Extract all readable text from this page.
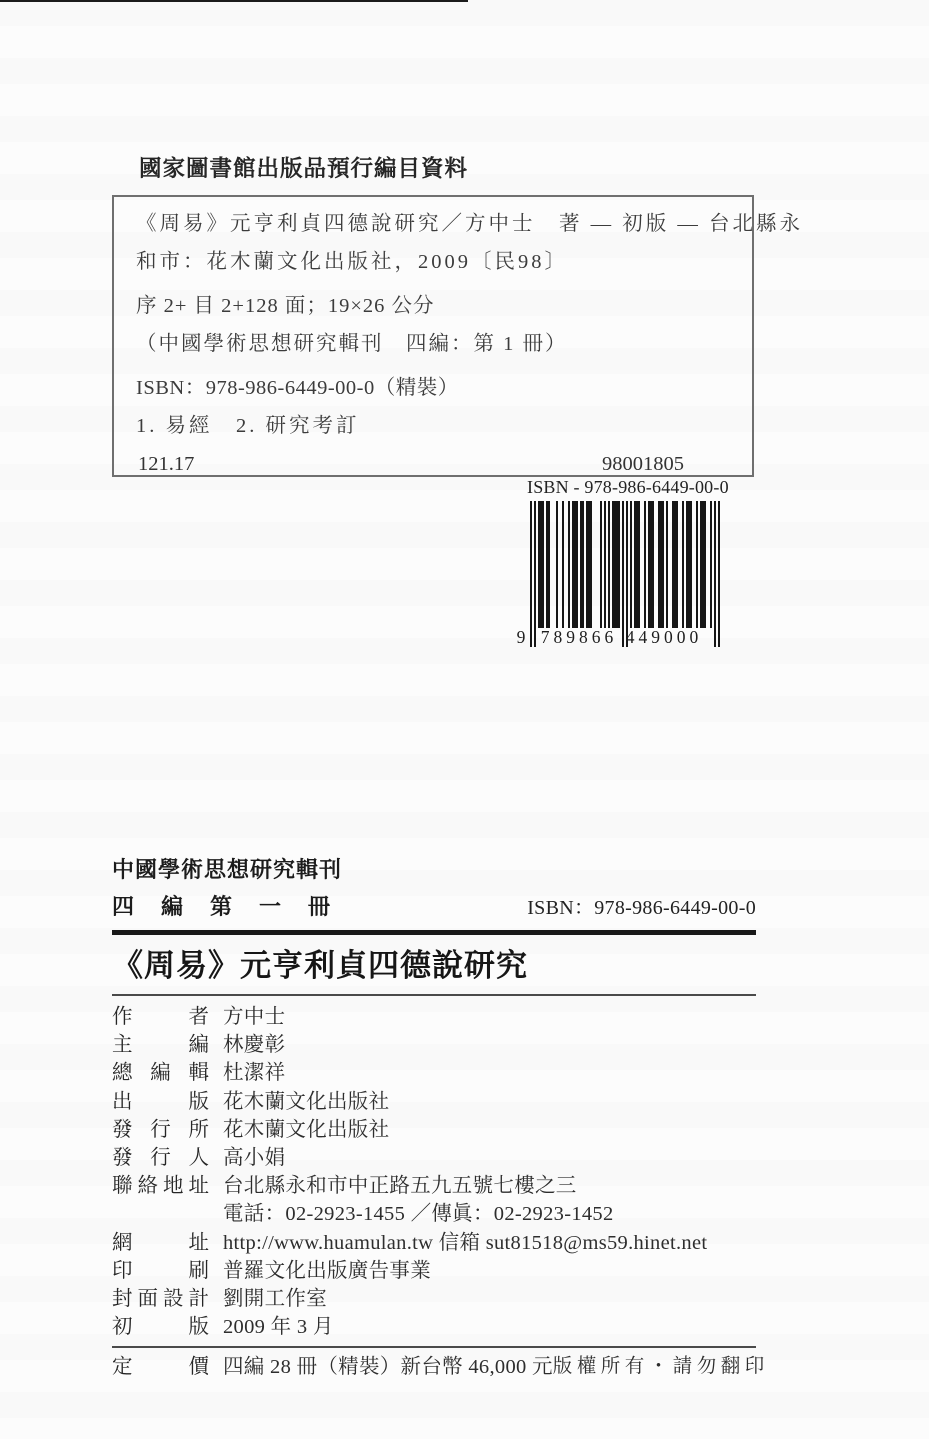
國家圖書館出版品預行編目資料

《周易》元亨利貞四德說研究／方中士　著 — 初版 — 台北縣永

和市：花木蘭文化出版社，2009〔民98〕

序 2+ 目 2+128 面；19×26 公分

（中國學術思想研究輯刊　四編：第 1 冊）

ISBN：978-986-6449-00-0（精裝）

1. 易經　2. 研究考訂

121.17	98001805

ISBN - 978-986-6449-00-0

9 789866 449000
中國學術思想研究輯刊
四編第一冊	ISBN：978-986-6449-00-0
《周易》元亨利貞四德說研究
作者 方中士
主編 林慶彰
總編輯 杜潔祥
出版 花木蘭文化出版社
發行所 花木蘭文化出版社
發行人 高小娟
聯絡地址 台北縣永和市中正路五九五號七樓之三
電話：02-2923-1455 ／傳眞：02-2923-1452
網址 http://www.huamulan.tw 信箱 sut81518@ms59.hinet.net
印刷 普羅文化出版廣告事業
封面設計 劉開工作室
初版 2009 年 3 月
定價 四編 28 冊（精裝）新台幣 46,000 元 版權所有・請勿翻印
